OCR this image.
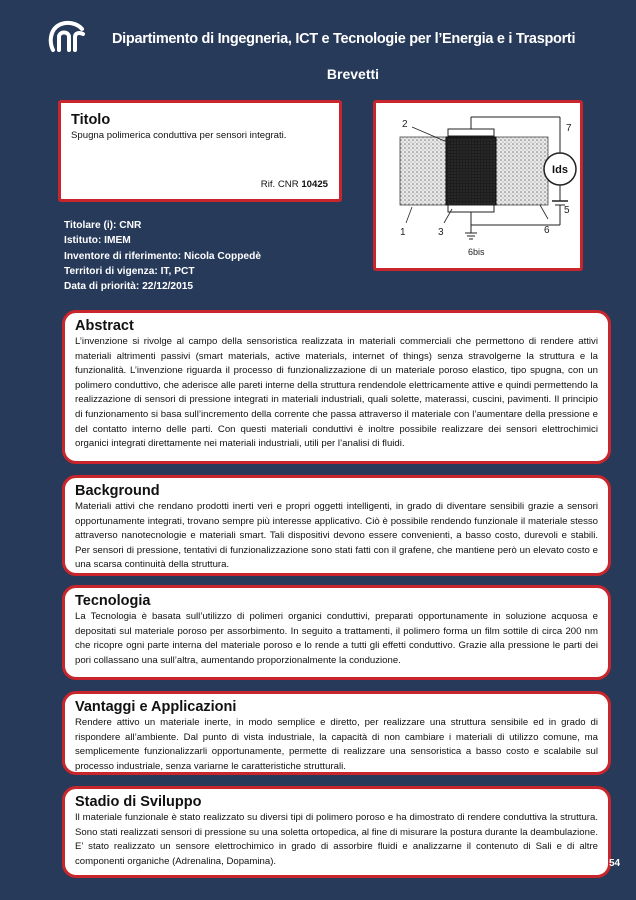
Dipartimento di Ingegneria, ICT e Tecnologie per l’Energia e i Trasporti
Brevetti
Titolo

Spugna polimerica conduttiva per sensori integrati.

Rif. CNR 10425
Ids
2	7
5
1	3	6
6bis
Titolare (i): CNR
Istituto: IMEM
Inventore di riferimento: Nicola Coppedè
Territori di vigenza: IT, PCT
Data di priorità: 22/12/2015
Abstract

L’invenzione si rivolge al campo della sensoristica realizzata in materiali commerciali che permettono di rendere attivi materiali altrimenti passivi (smart materials, active materials, internet of things) senza stravolgerne la struttura e la funzionalità. L’invenzione riguarda il processo di funzionalizzazione di un materiale poroso elastico, tipo spugna, con un polimero conduttivo, che aderisce alle pareti interne della struttura rendendole elettricamente attive e quindi permettendo la realizzazione di sensori di pressione integrati in materiali industriali, quali solette, materassi, cuscini, pavimenti. Il principio di funzionamento si basa sull’incremento della corrente che passa attraverso il materiale con l’aumentare della pressione e del contatto interno delle parti. Con questi materiali conduttivi è inoltre possibile realizzare dei sensori elettrochimici organici integrati direttamente nei materiali industriali, utili per l’analisi di fluidi.

Background

Materiali attivi che rendano prodotti inerti veri e propri oggetti intelligenti, in grado di diventare sensibili grazie a sensori opportunamente integrati, trovano sempre più interesse applicativo. Ciò è possibile rendendo funzionale il materiale stesso attraverso nanotecnologie e materiali smart. Tali dispositivi devono essere convenienti, a basso costo, durevoli e stabili. Per sensori di pressione, tentativi di funzionalizzazione sono stati fatti con il grafene, che mantiene però un elevato costo e una scarsa continuità della struttura.

Tecnologia

La Tecnologia è basata sull’utilizzo di polimeri organici conduttivi, preparati opportunamente in soluzione acquosa e depositati sul materiale poroso per assorbimento. In seguito a trattamenti, il polimero forma un film sottile di circa 200 nm che ricopre ogni parte interna del materiale poroso e lo rende a tutti gli effetti conduttivo. Grazie alla pressione le parti dei pori collassano una sull’altra, aumentando proporzionalmente la conduzione.

Vantaggi e Applicazioni

Rendere attivo un materiale inerte, in modo semplice e diretto, per realizzare una struttura sensibile ed in grado di rispondere all’ambiente. Dal punto di vista industriale, la capacità di non cambiare i materiali di utilizzo comune, ma semplicemente funzionalizzarli opportunamente, permette di realizzare una sensoristica a basso costo e scalabile sul processo industriale, senza variarne le caratteristiche strutturali.

Stadio di Sviluppo

Il materiale funzionale è stato realizzato su diversi tipi di polimero poroso e ha dimostrato di rendere conduttiva la struttura. Sono stati realizzati sensori di pressione su una soletta ortopedica, al fine di misurare la postura durante la deambulazione. E’ stato realizzato un sensore elettrochimico in grado di assorbire fluidi e analizzarne il contenuto di Sali e di altre componenti organiche (Adrenalina, Dopamina).	54
